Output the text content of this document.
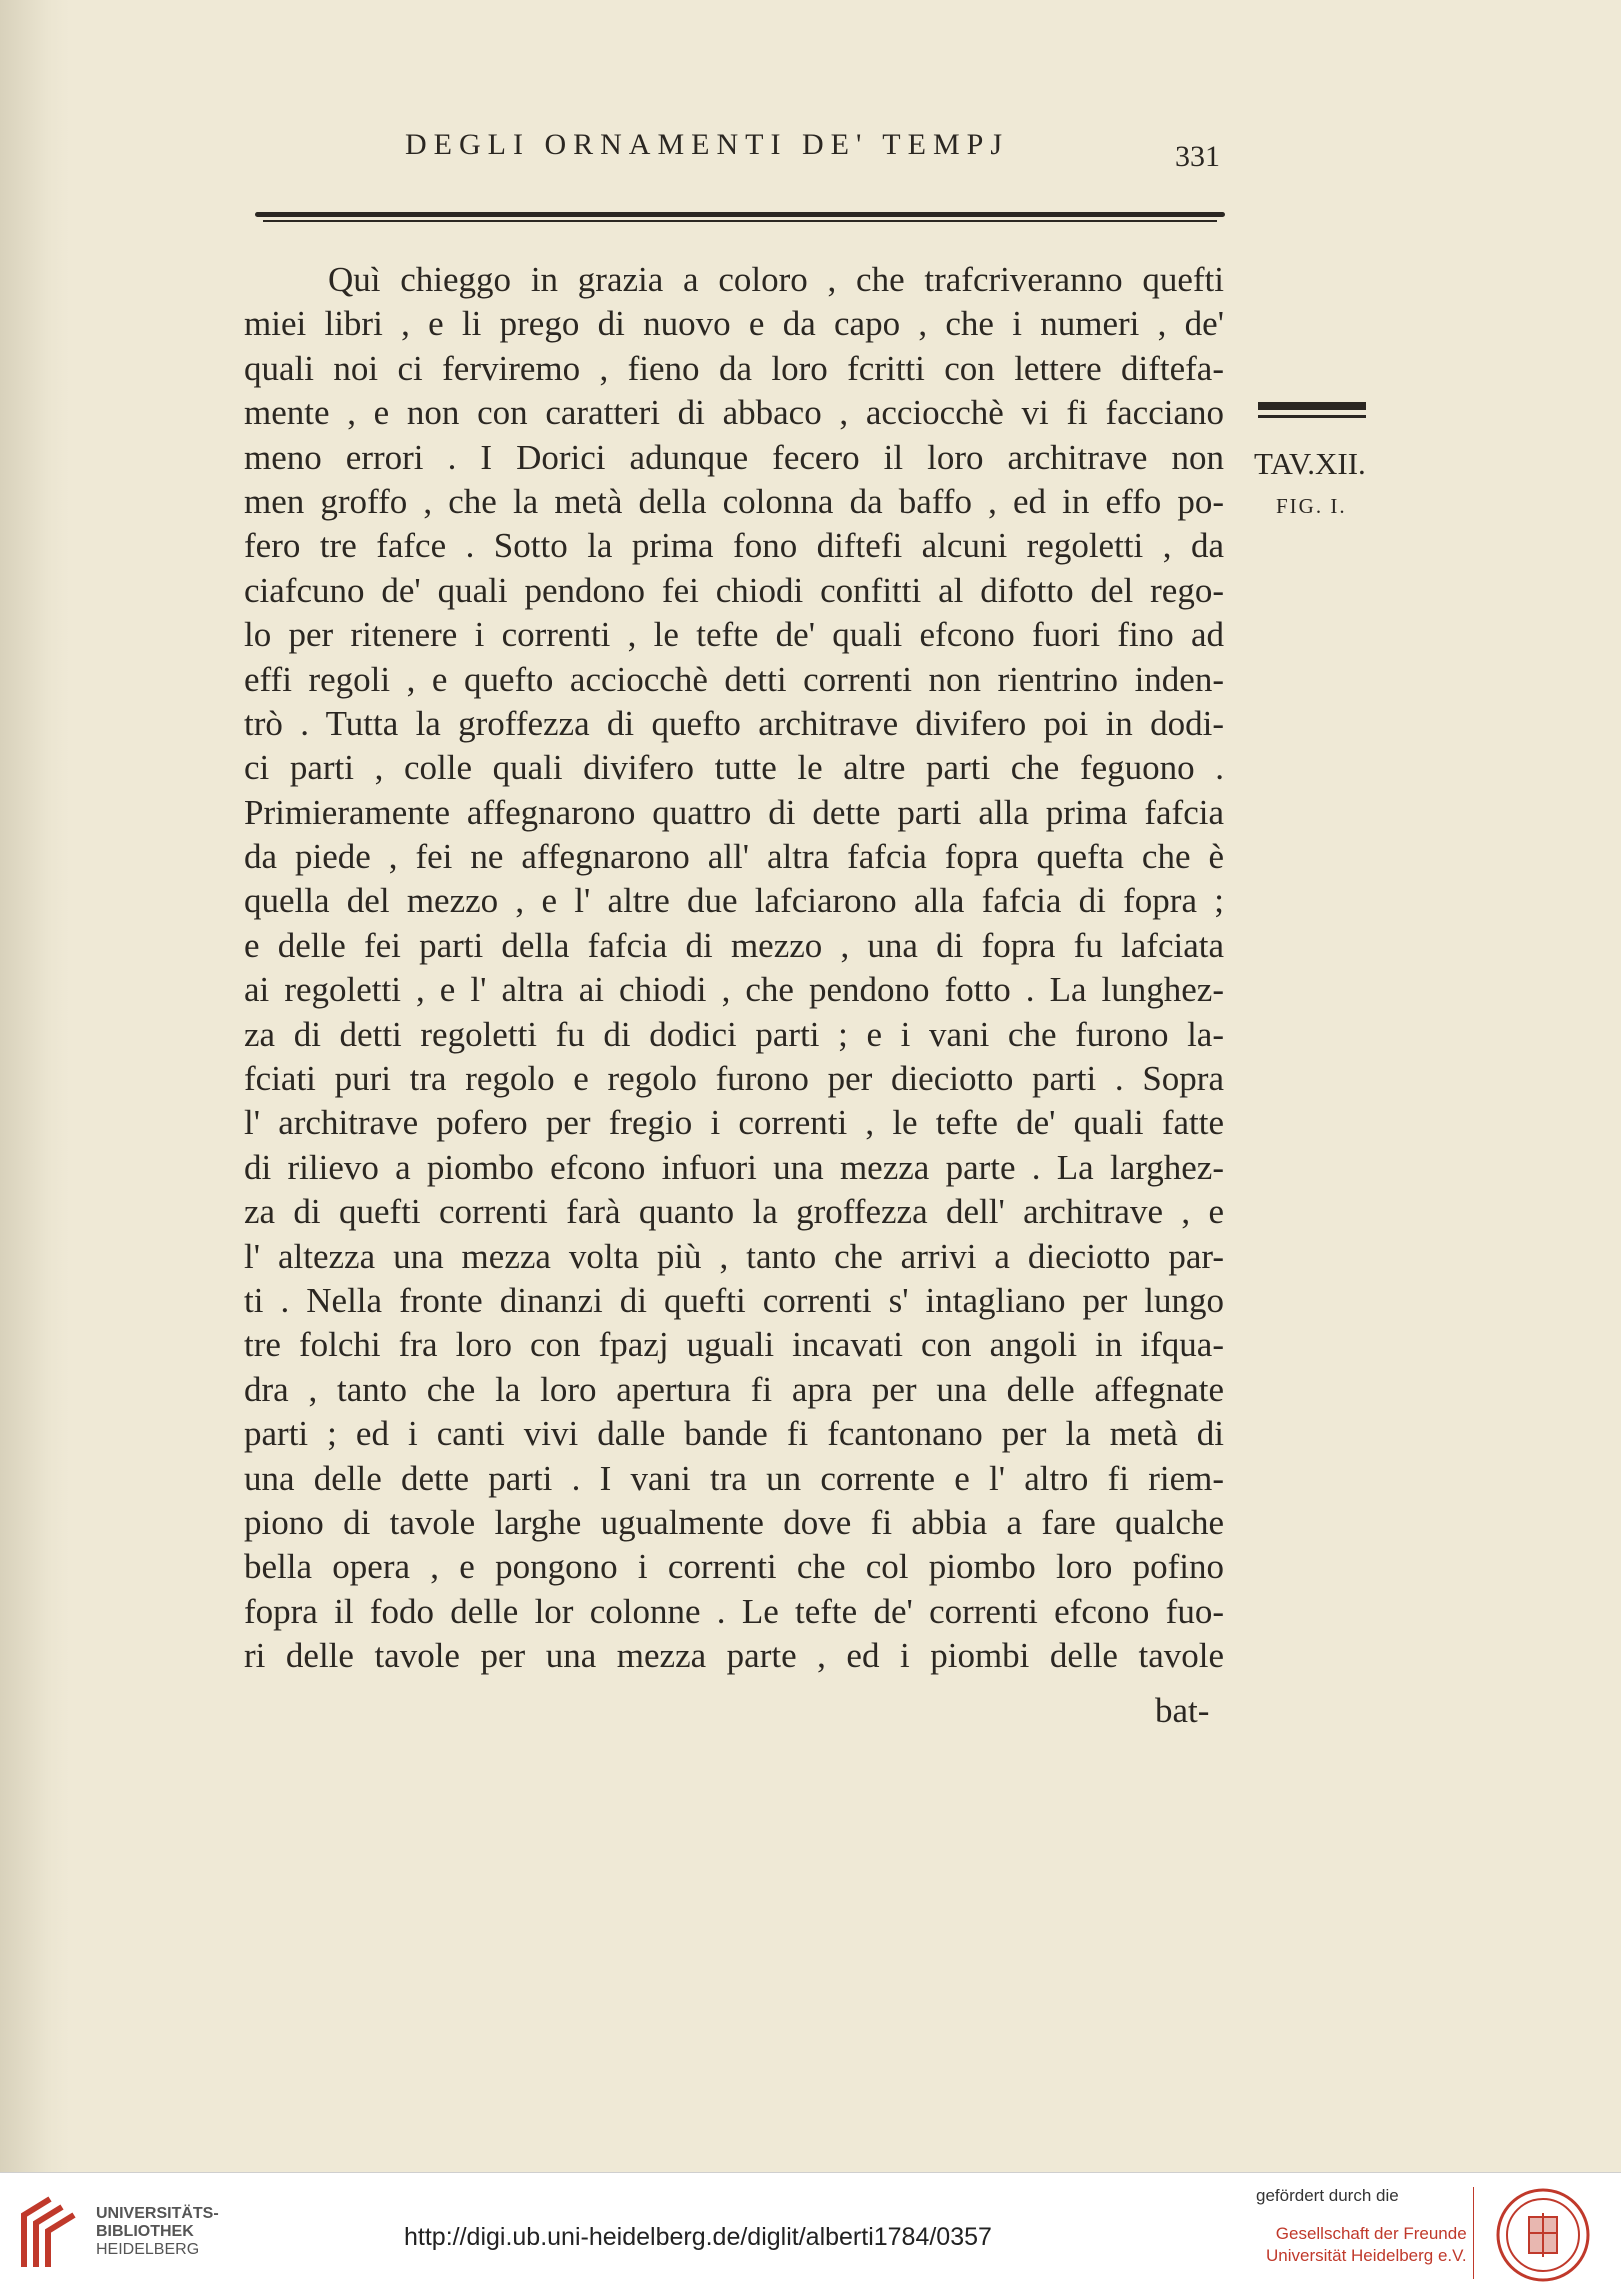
DEGLI ORNAMENTI DE' TEMPJ	331
Quì chieggo in grazia a coloro , che trafcriveranno quefti
miei libri , e li prego di nuovo e da capo , che i numeri , de'
quali noi ci ferviremo , fieno da loro fcritti con lettere diftefa-
mente , e non con caratteri di abbaco , acciocchè vi fi facciano
meno errori . I Dorici adunque fecero il loro architrave non
men groffo , che la metà della colonna da baffo , ed in effo po-
fero tre fafce . Sotto la prima fono diftefi alcuni regoletti , da
ciafcuno de' quali pendono fei chiodi confitti al difotto del rego-
lo per ritenere i correnti , le tefte de' quali efcono fuori fino ad
effi regoli , e quefto acciocchè detti correnti non rientrino inden-
trò . Tutta la groffezza di quefto architrave divifero poi in dodi-
ci parti , colle quali divifero tutte le altre parti che feguono .
Primieramente affegnarono quattro di dette parti alla prima fafcia
da piede , fei ne affegnarono all' altra fafcia fopra quefta che è
quella del mezzo , e l' altre due lafciarono alla fafcia di fopra ;
e delle fei parti della fafcia di mezzo , una di fopra fu lafciata
ai regoletti , e l' altra ai chiodi , che pendono fotto . La lunghez-
za di detti regoletti fu di dodici parti ; e i vani che furono la-
fciati puri tra regolo e regolo furono per dieciotto parti . Sopra
l' architrave pofero per fregio i correnti , le tefte de' quali fatte
di rilievo a piombo efcono infuori una mezza parte . La larghez-
za di quefti correnti farà quanto la groffezza dell' architrave , e
l' altezza una mezza volta più , tanto che arrivi a dieciotto par-
ti . Nella fronte dinanzi di quefti correnti s' intagliano per lungo
tre folchi fra loro con fpazj uguali incavati con angoli in ifqua-
dra , tanto che la loro apertura fi apra per una delle affegnate
parti ; ed i canti vivi dalle bande fi fcantonano per la metà di
una delle dette parti . I vani tra un corrente e l' altro fi riem-
piono di tavole larghe ugualmente dove fi abbia a fare qualche
bella opera , e pongono i correnti che col piombo loro pofino
fopra il fodo delle lor colonne . Le tefte de' correnti efcono fuo-
ri delle tavole per una mezza parte , ed i piombi delle tavole
bat-
TAV.XII.
FIG. I.
UNIVERSITÄTS-
BIBLIOTHEK
HEIDELBERG	http://digi.ub.uni-heidelberg.de/diglit/alberti1784/0357
gefördert durch die
Gesellschaft der Freunde
Universität Heidelberg e.V.
